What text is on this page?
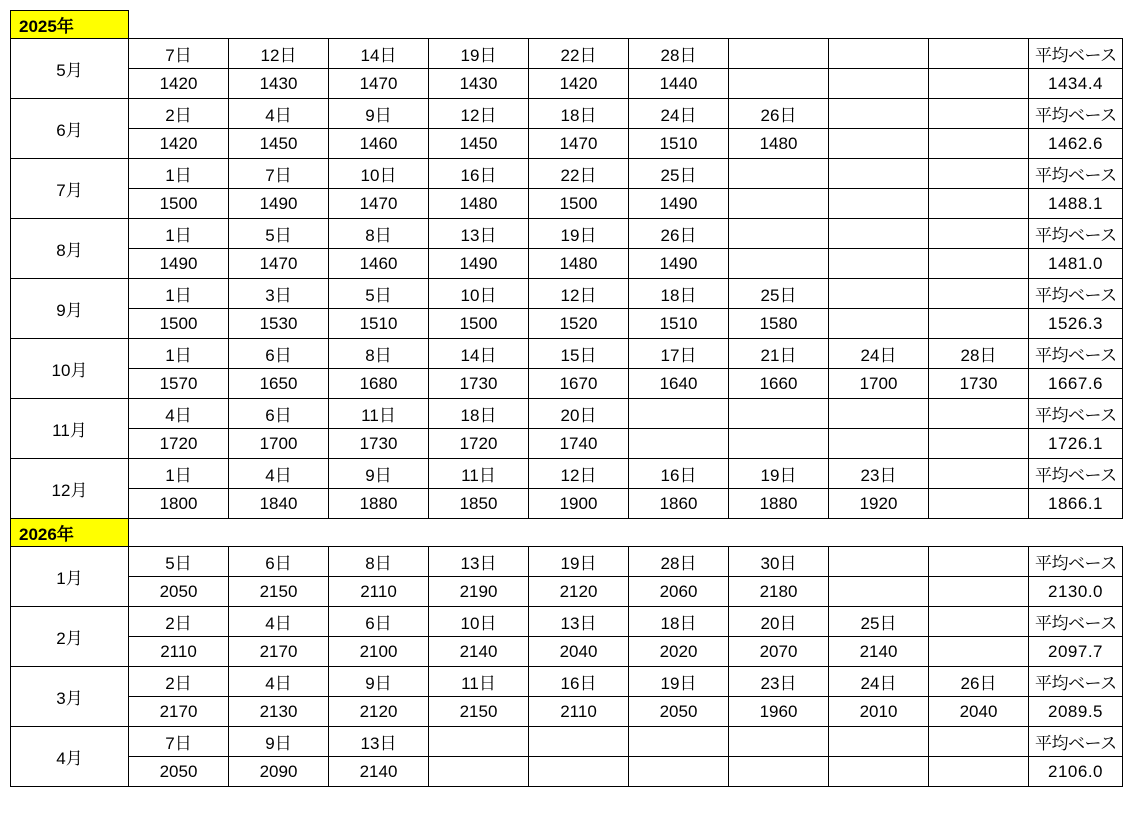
2025年										
5月	7日	12日	14日	19日	22日	28日				平均ベース
	1420	1430	1470	1430	1420	1440				1434.4
6月	2日	4日	9日	12日	18日	24日	26日			平均ベース
	1420	1450	1460	1450	1470	1510	1480			1462.6
7月	1日	7日	10日	16日	22日	25日				平均ベース
	1500	1490	1470	1480	1500	1490				1488.1
8月	1日	5日	8日	13日	19日	26日				平均ベース
	1490	1470	1460	1490	1480	1490				1481.0
9月	1日	3日	5日	10日	12日	18日	25日			平均ベース
	1500	1530	1510	1500	1520	1510	1580			1526.3
10月	1日	6日	8日	14日	15日	17日	21日	24日	28日	平均ベース
	1570	1650	1680	1730	1670	1640	1660	1700	1730	1667.6
11月	4日	6日	11日	18日	20日					平均ベース
	1720	1700	1730	1720	1740					1726.1
12月	1日	4日	9日	11日	12日	16日	19日	23日		平均ベース
	1800	1840	1880	1850	1900	1860	1880	1920		1866.1
2026年										
1月	5日	6日	8日	13日	19日	28日	30日			平均ベース
	2050	2150	2110	2190	2120	2060	2180			2130.0
2月	2日	4日	6日	10日	13日	18日	20日	25日		平均ベース
	2110	2170	2100	2140	2040	2020	2070	2140		2097.7
3月	2日	4日	9日	11日	16日	19日	23日	24日	26日	平均ベース
	2170	2130	2120	2150	2110	2050	1960	2010	2040	2089.5
4月	7日	9日	13日							平均ベース
	2050	2090	2140							2106.0
